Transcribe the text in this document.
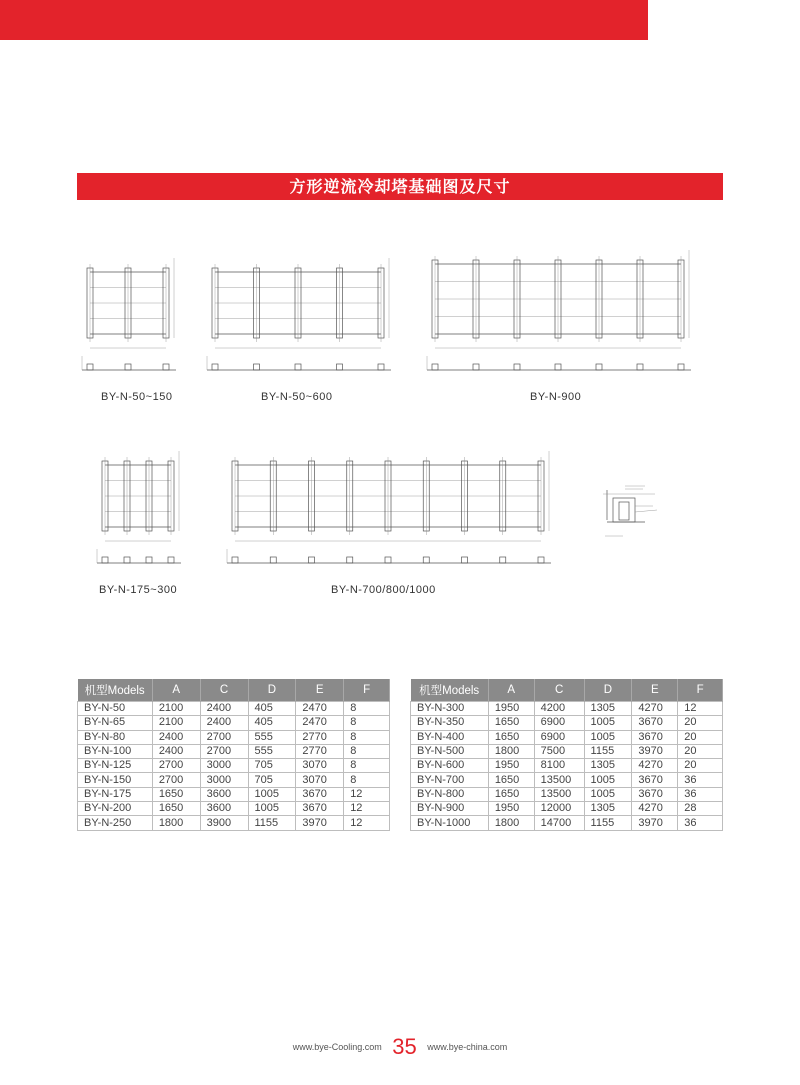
方形逆流冷却塔基础图及尺寸
BY-N-50~150	BY-N-50~600	BY-N-900
BY-N-175~300	BY-N-700/800/1000
机型Models	A	C	D	E	F
BY-N-50	2100	2400	405	2470	8
BY-N-65	2100	2400	405	2470	8
BY-N-80	2400	2700	555	2770	8
BY-N-100	2400	2700	555	2770	8
BY-N-125	2700	3000	705	3070	8
BY-N-150	2700	3000	705	3070	8
BY-N-175	1650	3600	1005	3670	12
BY-N-200	1650	3600	1005	3670	12
BY-N-250	1800	3900	1155	3970	12
机型Models	A	C	D	E	F
BY-N-300	1950	4200	1305	4270	12
BY-N-350	1650	6900	1005	3670	20
BY-N-400	1650	6900	1005	3670	20
BY-N-500	1800	7500	1155	3970	20
BY-N-600	1950	8100	1305	4270	20
BY-N-700	1650	13500	1005	3670	36
BY-N-800	1650	13500	1005	3670	36
BY-N-900	1950	12000	1305	4270	28
BY-N-1000	1800	14700	1155	3970	36
www.bye-Cooling.com 35 www.bye-china.com
